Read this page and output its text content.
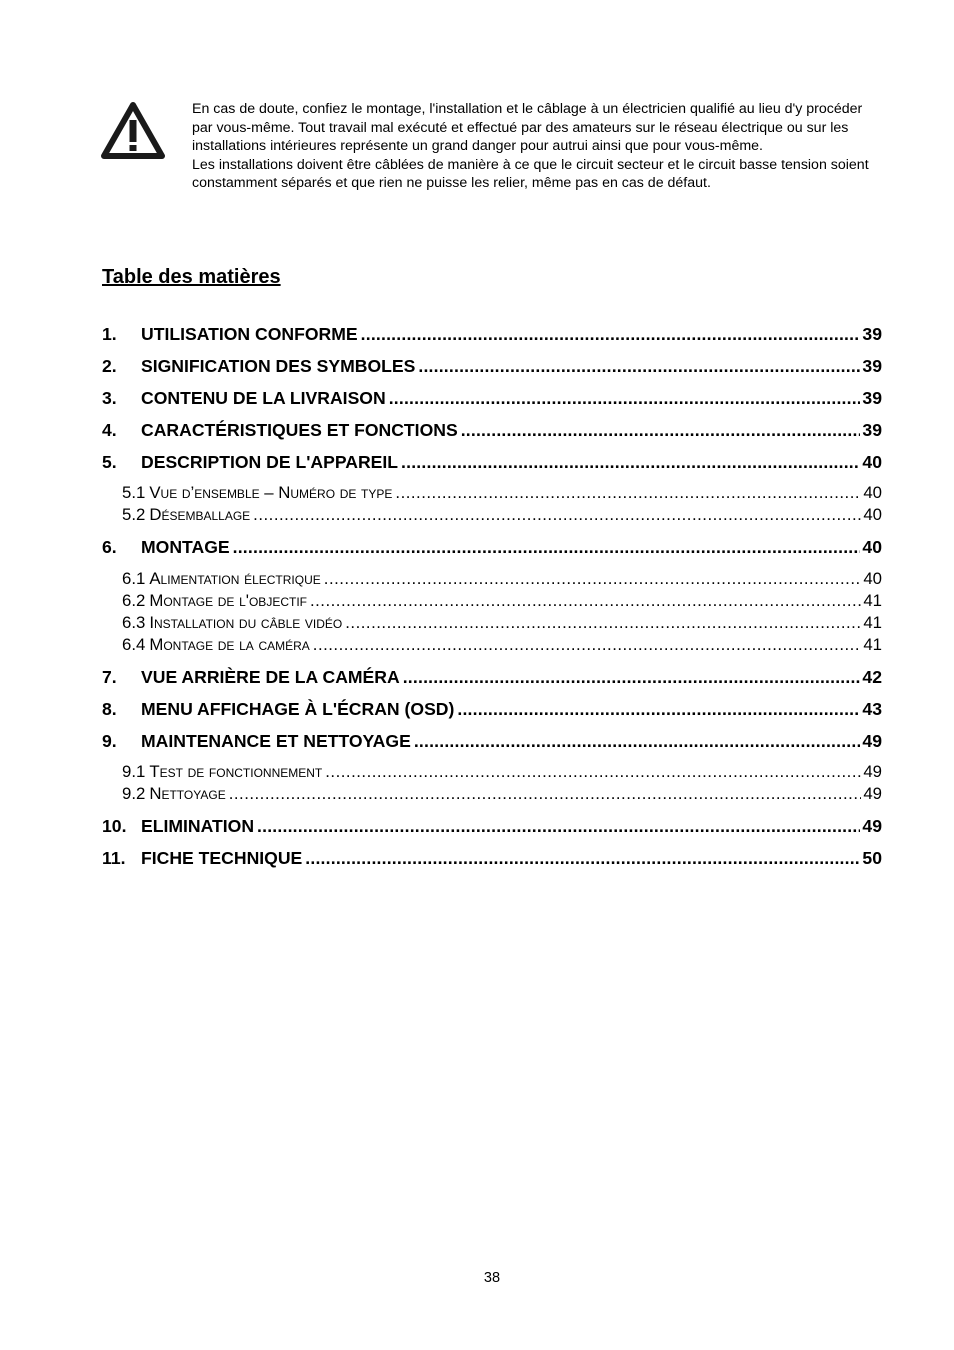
En cas de doute, confiez le montage, l'installation et le câblage à un électricien qualifié au lieu d'y procéder par vous-même. Tout travail mal exécuté et effectué par des amateurs sur le réseau électrique ou sur les installations intérieures représente un grand danger pour autrui ainsi que pour vous-même.

Les installations doivent être câblées de manière à ce que le circuit secteur et le circuit basse tension soient constamment séparés et que rien ne puisse les relier, même pas en cas de défaut.

Table des matières
1.	UTILISATION CONFORME .....	39
2.	SIGNIFICATION DES SYMBOLES .....	39
3.	CONTENU DE LA LIVRAISON .....	39
4.	CARACTÉRISTIQUES ET FONCTIONS .....	39
5.	DESCRIPTION DE L'APPAREIL .....	40
5.1 Vue d’ensemble – Numéro de type .....	40
5.2 Désemballage .....	40
6.	MONTAGE .....	40
6.1 Alimentation électrique .....	40
6.2 Montage de l'objectif .....	41
6.3 Installation du câble vidéo .....	41
6.4 Montage de la caméra .....	41
7.	VUE ARRIÈRE DE LA CAMÉRA .....	42
8.	MENU AFFICHAGE À L'ÉCRAN (OSD) .....	43
9.	MAINTENANCE ET NETTOYAGE .....	49
9.1 Test de fonctionnement .....	49
9.2 Nettoyage .....	49
10. ELIMINATION .....	49
11. FICHE TECHNIQUE .....	50
38
